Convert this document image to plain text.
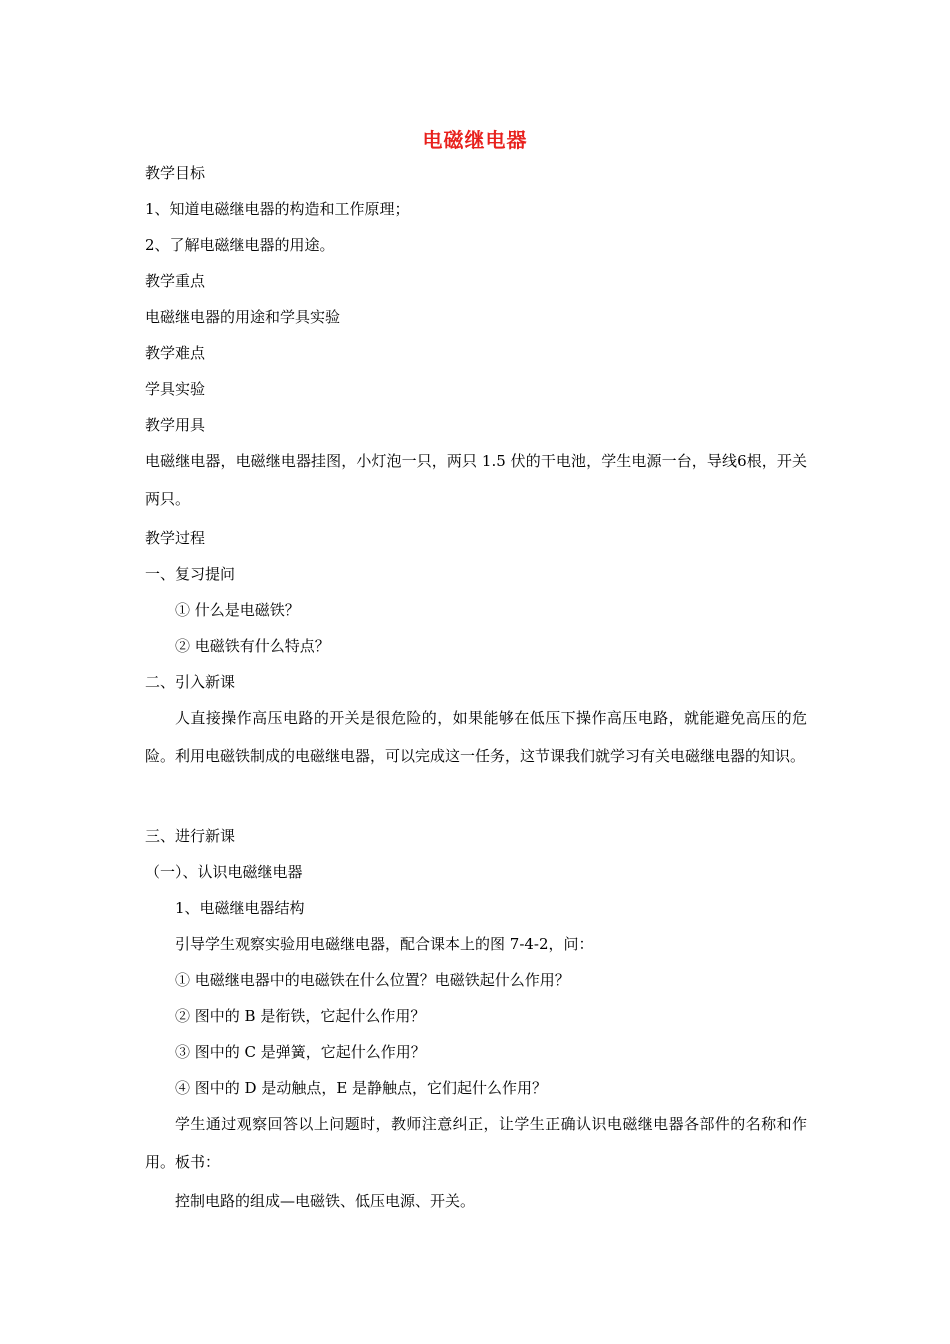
电磁继电器
教学目标
1、知道电磁继电器的构造和工作原理；
2、了解电磁继电器的用途。
教学重点
电磁继电器的用途和学具实验
教学难点
学具实验
教学用具
电磁继电器，电磁继电器挂图，小灯泡一只，两只 1.5 伏的干电池，学生电源一台，导线6根，开关两只。
教学过程
一、复习提问
① 什么是电磁铁？
② 电磁铁有什么特点？
二、引入新课
人直接操作高压电路的开关是很危险的，如果能够在低压下操作高压电路，就能避免高压的危险。利用电磁铁制成的电磁继电器，可以完成这一任务，这节课我们就学习有关电磁继电器的知识。
三、进行新课
（一）、认识电磁继电器
1、电磁继电器结构
引导学生观察实验用电磁继电器，配合课本上的图 7-4-2，问：
① 电磁继电器中的电磁铁在什么位置？电磁铁起什么作用？
② 图中的 B 是衔铁，它起什么作用？
③ 图中的 C 是弹簧，它起什么作用？
④ 图中的 D 是动触点，E 是静触点，它们起什么作用？
学生通过观察回答以上问题时，教师注意纠正，让学生正确认识电磁继电器各部件的名称和作用。板书：
控制电路的组成—电磁铁、低压电源、开关。
